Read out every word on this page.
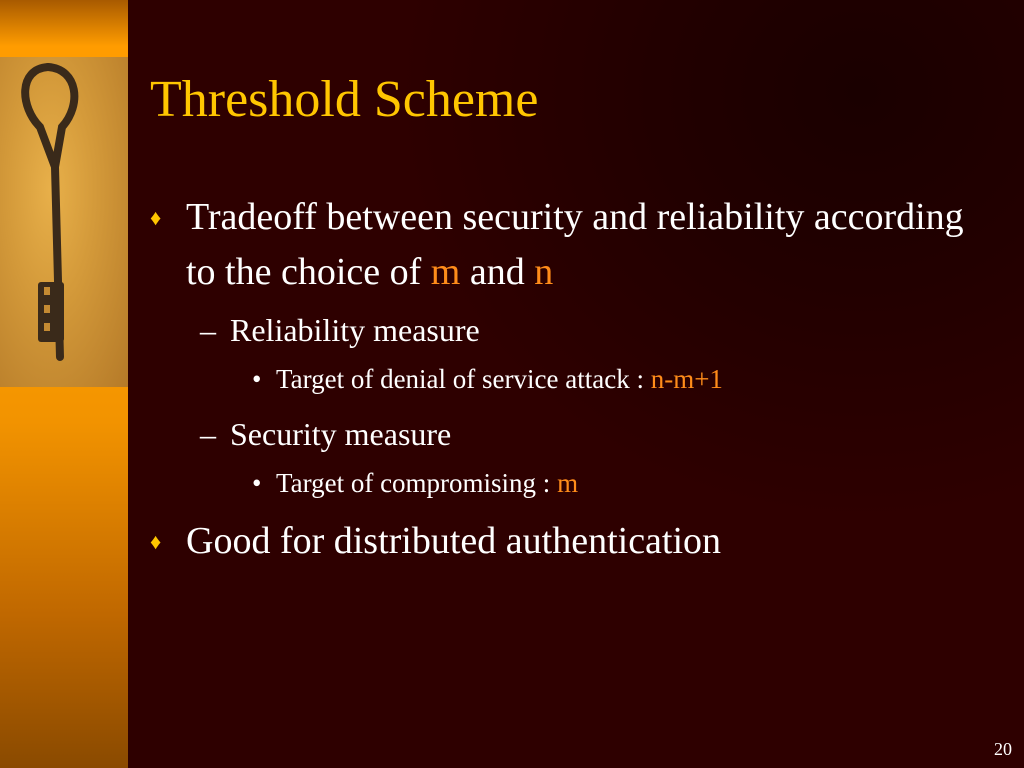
Threshold Scheme
♦ Tradeoff between security and reliability according to the choice of m and n
– Reliability measure
• Target of denial of service attack : n-m+1
– Security measure
• Target of compromising : m
♦ Good for distributed authentication
20
